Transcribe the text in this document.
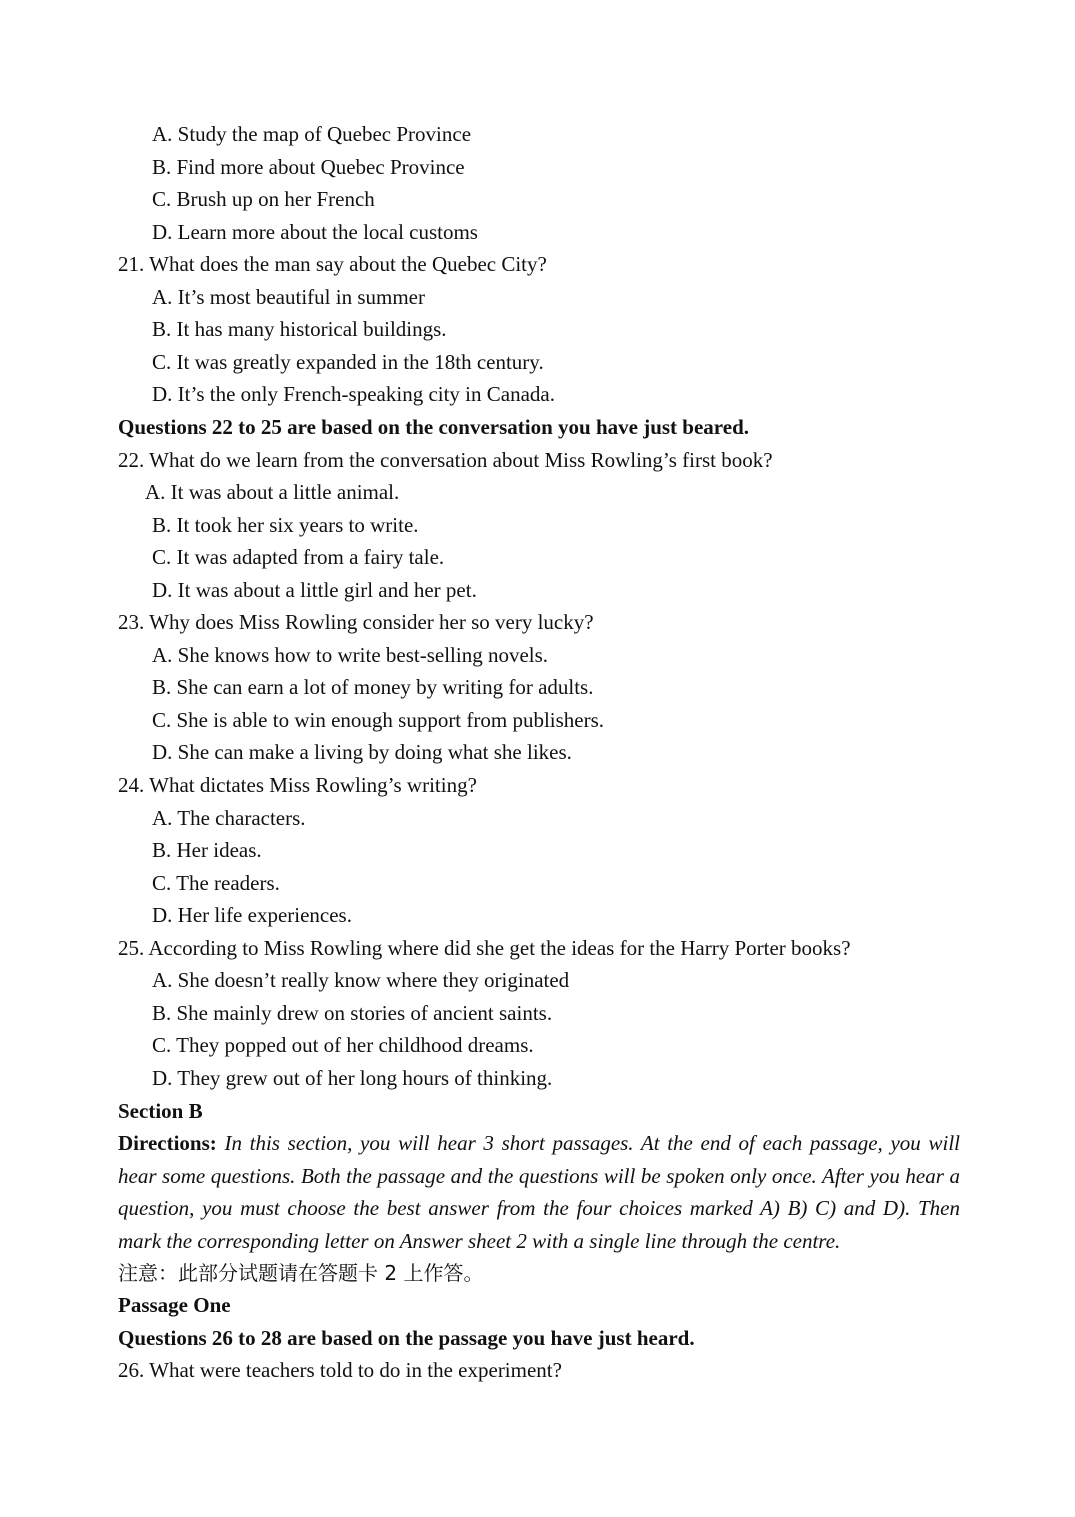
A. Study the map of Quebec Province
B. Find more about Quebec Province
C. Brush up on her French
D. Learn more about the local customs
21. What does the man say about the Quebec City?
A. It’s most beautiful in summer
B. It has many historical buildings.
C. It was greatly expanded in the 18th century.
D. It’s the only French-speaking city in Canada.
Questions 22 to 25 are based on the conversation you have just beared.
22. What do we learn from the conversation about Miss Rowling’s first book?
A. It was about a little animal.
B. It took her six years to write.
C. It was adapted from a fairy tale.
D. It was about a little girl and her pet.
23. Why does Miss Rowling consider her so very lucky?
A. She knows how to write best-selling novels.
B. She can earn a lot of money by writing for adults.
C. She is able to win enough support from publishers.
D. She can make a living by doing what she likes.
24. What dictates Miss Rowling’s writing?
A. The characters.
B. Her ideas.
C. The readers.
D. Her life experiences.
25. According to Miss Rowling where did she get the ideas for the Harry Porter books?
A. She doesn’t really know where they originated
B. She mainly drew on stories of ancient saints.
C. They popped out of her childhood dreams.
D. They grew out of her long hours of thinking.
Section B
Directions: In this section, you will hear 3 short passages. At the end of each passage, you will hear some questions. Both the passage and the questions will be spoken only once. After you hear a question, you must choose the best answer from the four choices marked A) B) C) and D). Then mark the corresponding letter on Answer sheet 2 with a single line through the centre.
注意：此部分试题请在答题卡 2 上作答。
Passage One
Questions 26 to 28 are based on the passage you have just heard.
26. What were teachers told to do in the experiment?
